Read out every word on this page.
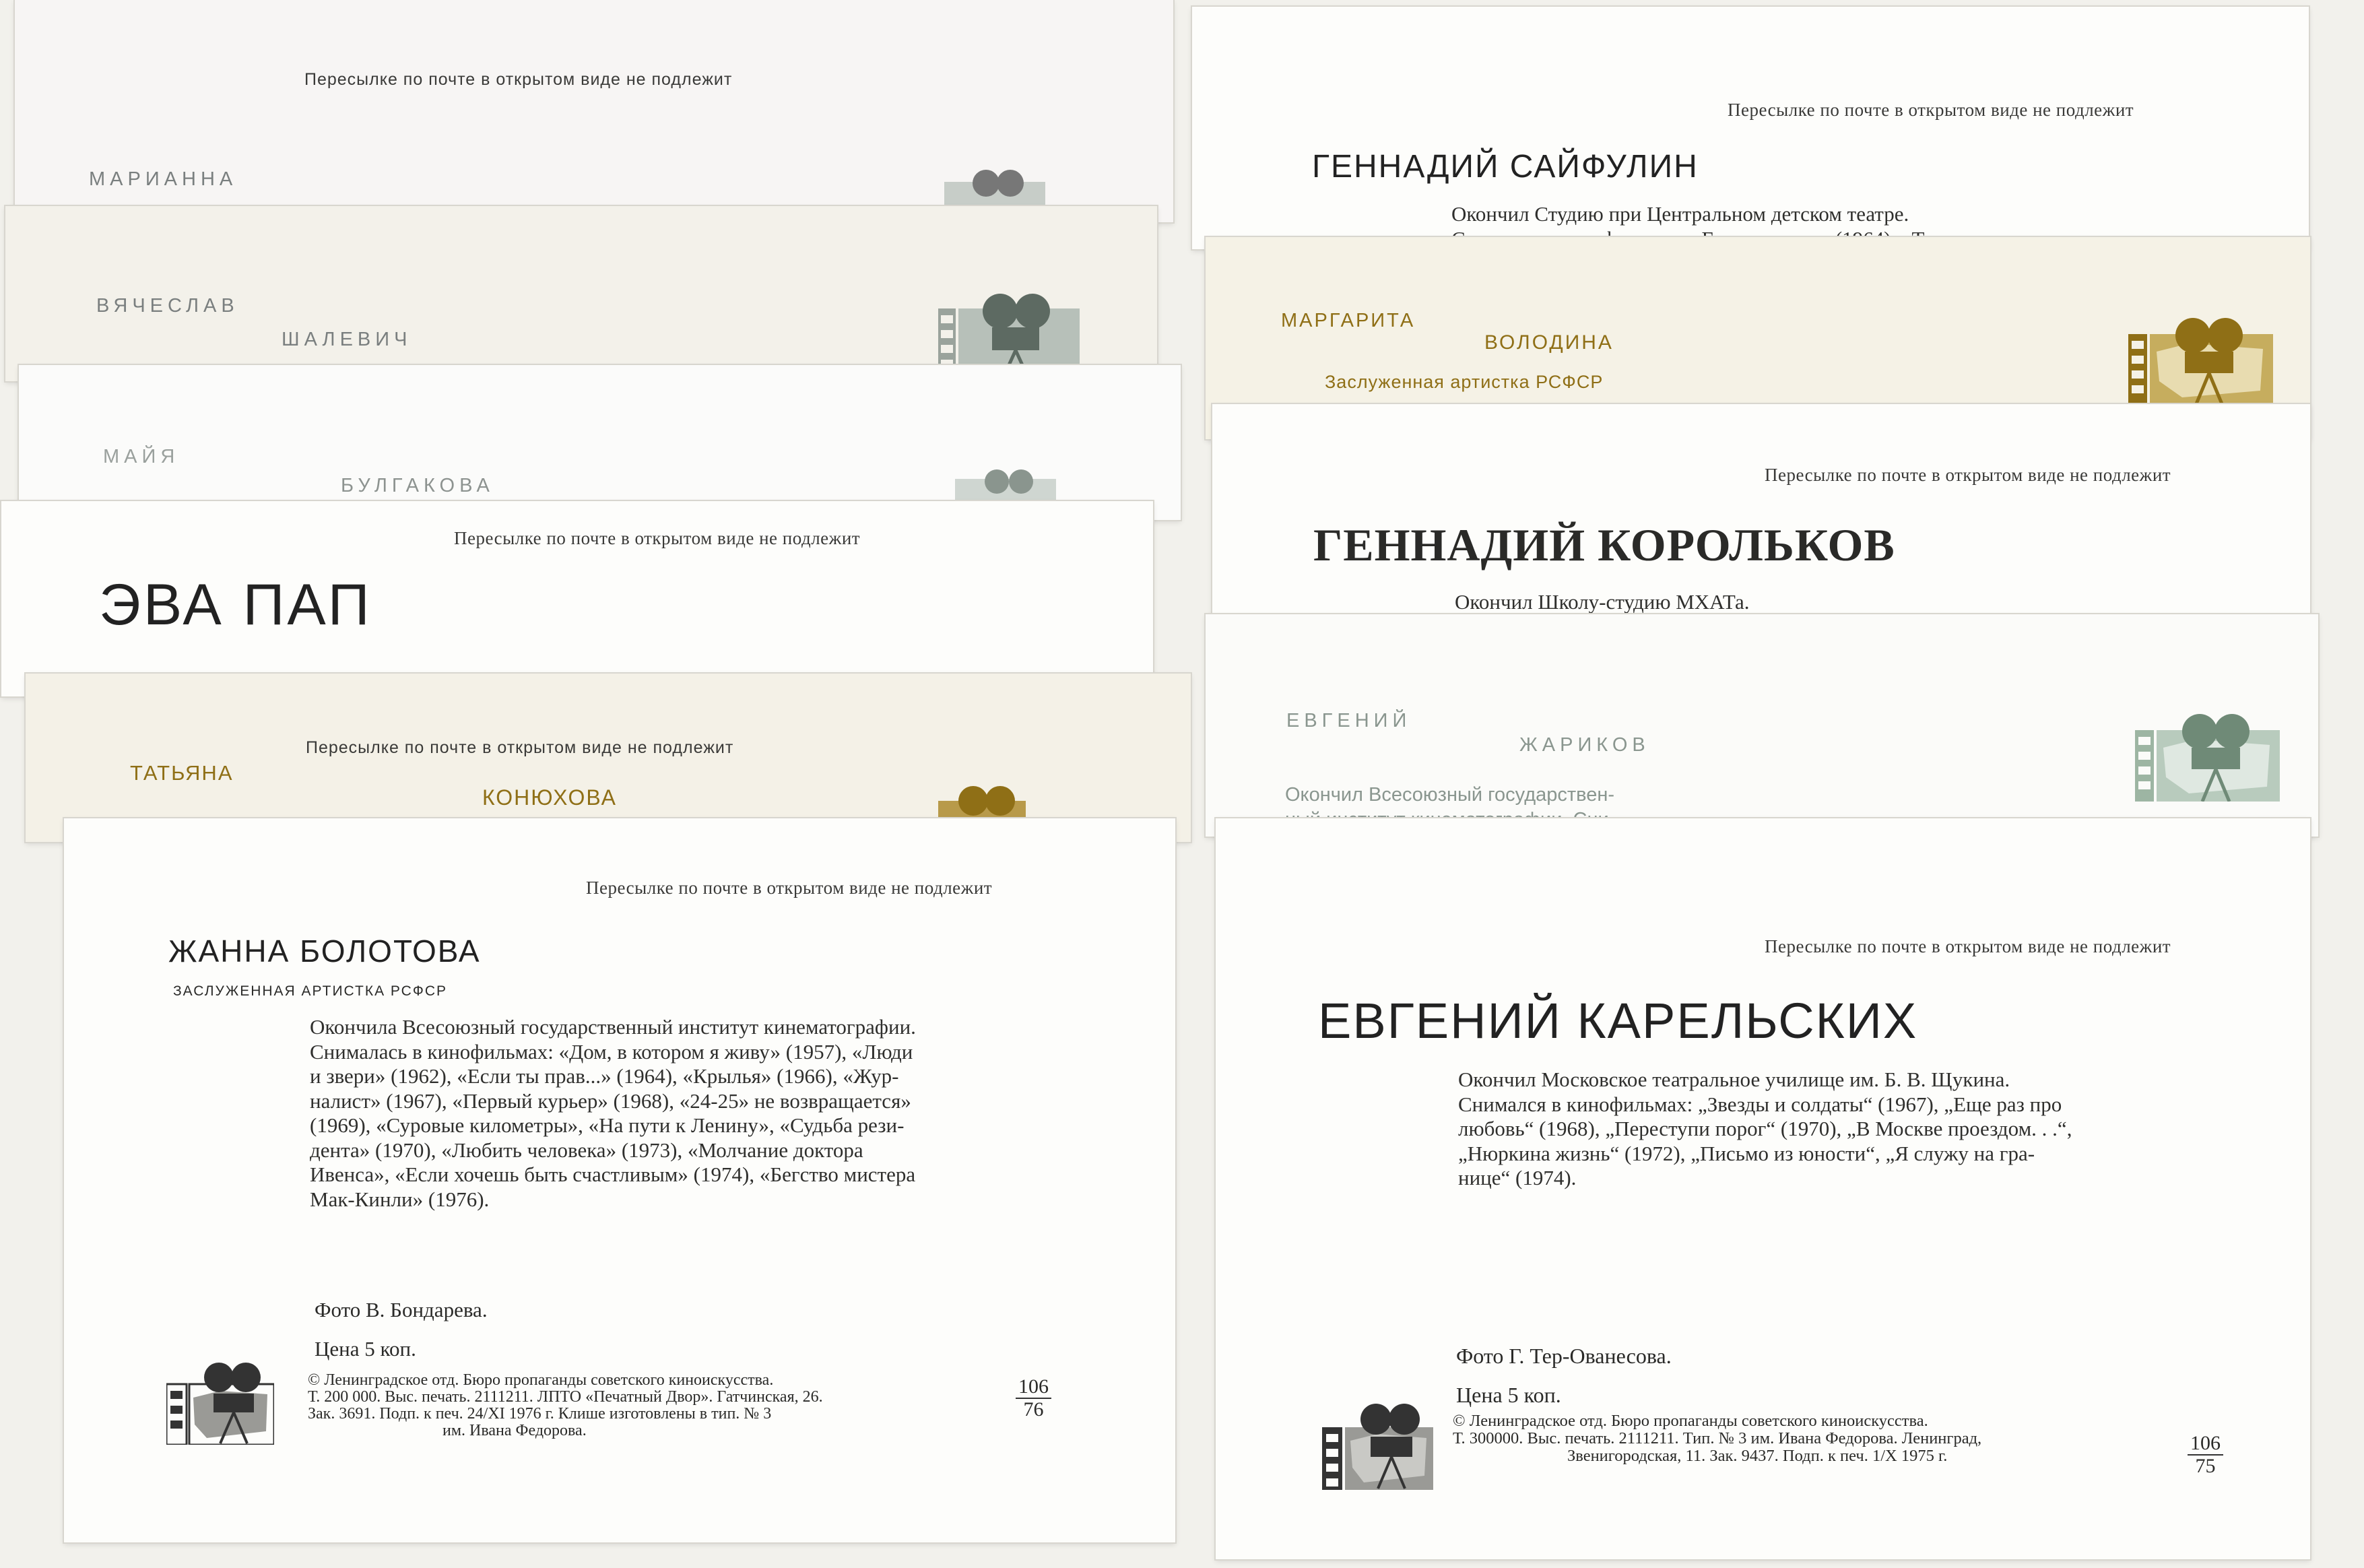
Пересылке по почте в открытом виде не подлежит
МАРИАННА
ВЯЧЕСЛАВ
ШАЛЕВИЧ
МАЙЯ
БУЛГАКОВА
Пересылке по почте в открытом виде не подлежит
ЭВА ПАП
Пересылке по почте в открытом виде не подлежит
ТАТЬЯНА
КОНЮХОВА
Пересылке по почте в открытом виде не подлежит
ЖАННА БОЛОТОВА
ЗАСЛУЖЕННАЯ АРТИСТКА РСФСР
Окончила Всесоюзный государственный институт кинематографии.
Снималась в кинофильмах: «Дом, в котором я живу» (1957), «Люди
и звери» (1962), «Если ты прав...» (1964), «Крылья» (1966), «Жур-
налист» (1967), «Первый курьер» (1968), «24-25» не возвращается»
(1969), «Суровые километры», «На пути к Ленину», «Судьба рези-
дента» (1970), «Любить человека» (1973), «Молчание доктора
Ивенса», «Если хочешь быть счастливым» (1974), «Бегство мистера
Мак-Кинли» (1976).
Фото В. Бондарева.
Цена 5 коп.
© Ленинградское отд. Бюро пропаганды советского киноискусства.
Т. 200 000. Выс. печать. 2111211. ЛПТО «Печатный Двор». Гатчинская, 26.
Зак. 3691. Подп. к печ. 24/XI 1976 г. Клише изготовлены в тип. № 3
им. Ивана Федорова.
$\frac{106}{76}$
Пересылке по почте в открытом виде не подлежит
ГЕННАДИЙ САЙФУЛИН
Окончил Студию при Центральном детском театре.
МАРГАРИТА
ВОЛОДИНА
Заслуженная артистка РСФСР
Пересылке по почте в открытом виде не подлежит
ГЕННАДИЙ КОРОЛЬКОВ
Окончил Школу-студию МХАТа.
ЕВГЕНИЙ
ЖАРИКОВ
Окончил Всесоюзный государствен-
Пересылке по почте в открытом виде не подлежит
ЕВГЕНИЙ КАРЕЛЬСКИХ
Окончил Московское театральное училище им. Б. В. Щукина.
Снимался в кинофильмах: „Звезды и солдаты“ (1967), „Еще раз про
любовь“ (1968), „Переступи порог“ (1970), „В Москве проездом. . .“,
„Нюркина жизнь“ (1972), „Письмо из юности“, „Я служу на гра-
нице“ (1974).
Фото Г. Тер-Ованесова.
Цена 5 коп.
© Ленинградское отд. Бюро пропаганды советского киноискусства.
Т. 300000. Выс. печать. 2111211. Тип. № 3 им. Ивана Федорова. Ленинград,
Звенигородская, 11. Зак. 9437. Подп. к печ. 1/X 1975 г.	$\frac{106}{75}$
